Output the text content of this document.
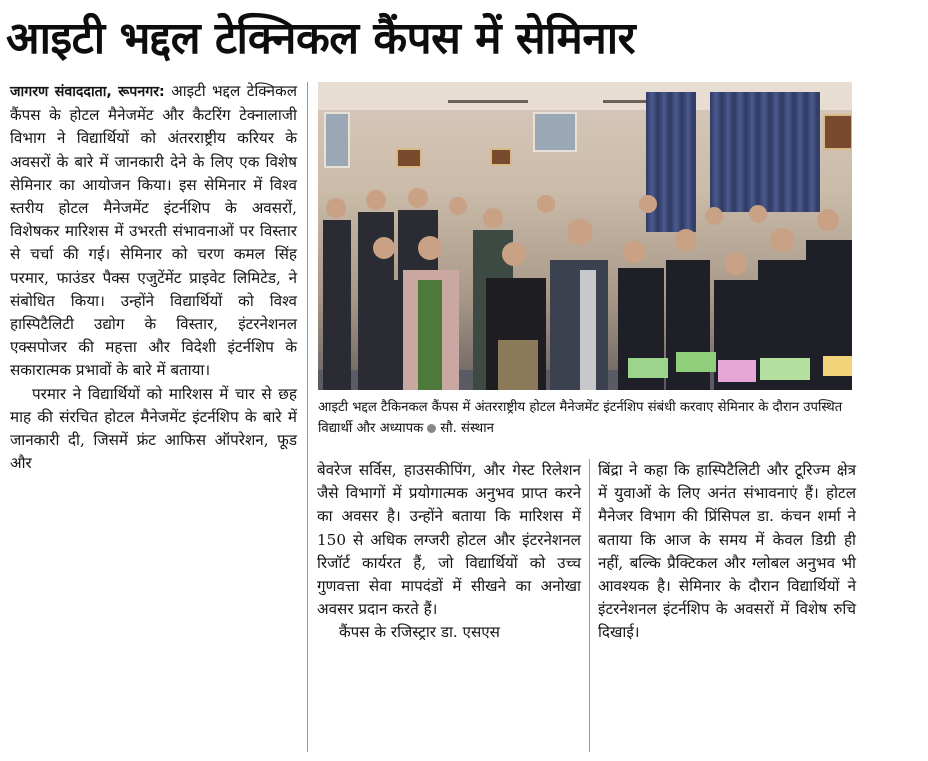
आइटी भद्दल टेक्निकल कैंपस में सेमिनार

जागरण संवाददाता, रूपनगर: आइटी भद्दल टेक्निकल कैंपस के होटल मैनेजमेंट और कैटरिंग टेक्नालाजी विभाग ने विद्यार्थियों को अंतरराष्ट्रीय करियर के अवसरों के बारे में जानकारी देने के लिए एक विशेष सेमिनार का आयोजन किया। इस सेमिनार में विश्व स्तरीय होटल मैनेजमेंट इंटर्नशिप के अवसरों, विशेषकर मारिशस में उभरती संभावनाओं पर विस्तार से चर्चा की गई। सेमिनार को चरण कमल सिंह परमार, फाउंडर पैक्स एजुटेंमेंट प्राइवेट लिमिटेड, ने संबोधित किया। उन्होंने विद्यार्थियों को विश्व हास्पिटैलिटी उद्योग के विस्तार, इंटरनेशनल एक्सपोजर की महत्ता और विदेशी इंटर्नशिप के सकारात्मक प्रभावों के बारे में बताया।

परमार ने विद्यार्थियों को मारिशस में चार से छह माह की संरचित होटल मैनेजमेंट इंटर्नशिप के बारे में जानकारी दी, जिसमें फ्रंट आफिस ऑपरेशन, फूड और

आइटी भद्दल टैकिनकल कैंपस में अंतरराष्ट्रीय होटल मैनेजमेंट इंटर्नशिप संबंधी करवाए सेमिनार के दौरान उपस्थित विद्यार्थी और अध्यापक सौ. संस्थान

बेवरेज सर्विस, हाउसकीपिंग, और गेस्ट रिलेशन जैसे विभागों में प्रयोगात्मक अनुभव प्राप्त करने का अवसर है। उन्होंने बताया कि मारिशस में 150 से अधिक लग्जरी होटल और इंटरनेशनल रिजॉर्ट कार्यरत हैं, जो विद्यार्थियों को उच्च गुणवत्ता सेवा मापदंडों में सीखने का अनोखा अवसर प्रदान करते हैं।

कैंपस के रजिस्ट्रार डा. एसएस

बिंद्रा ने कहा कि हास्पिटैलिटी और टूरिज्म क्षेत्र में युवाओं के लिए अनंत संभावनाएं हैं। होटल मैनेजर विभाग की प्रिंसिपल डा. कंचन शर्मा ने बताया कि आज के समय में केवल डिग्री ही नहीं, बल्कि प्रैक्टिकल और ग्लोबल अनुभव भी आवश्यक है। सेमिनार के दौरान विद्यार्थियों ने इंटरनेशनल इंटर्नशिप के अवसरों में विशेष रुचि दिखाई।
